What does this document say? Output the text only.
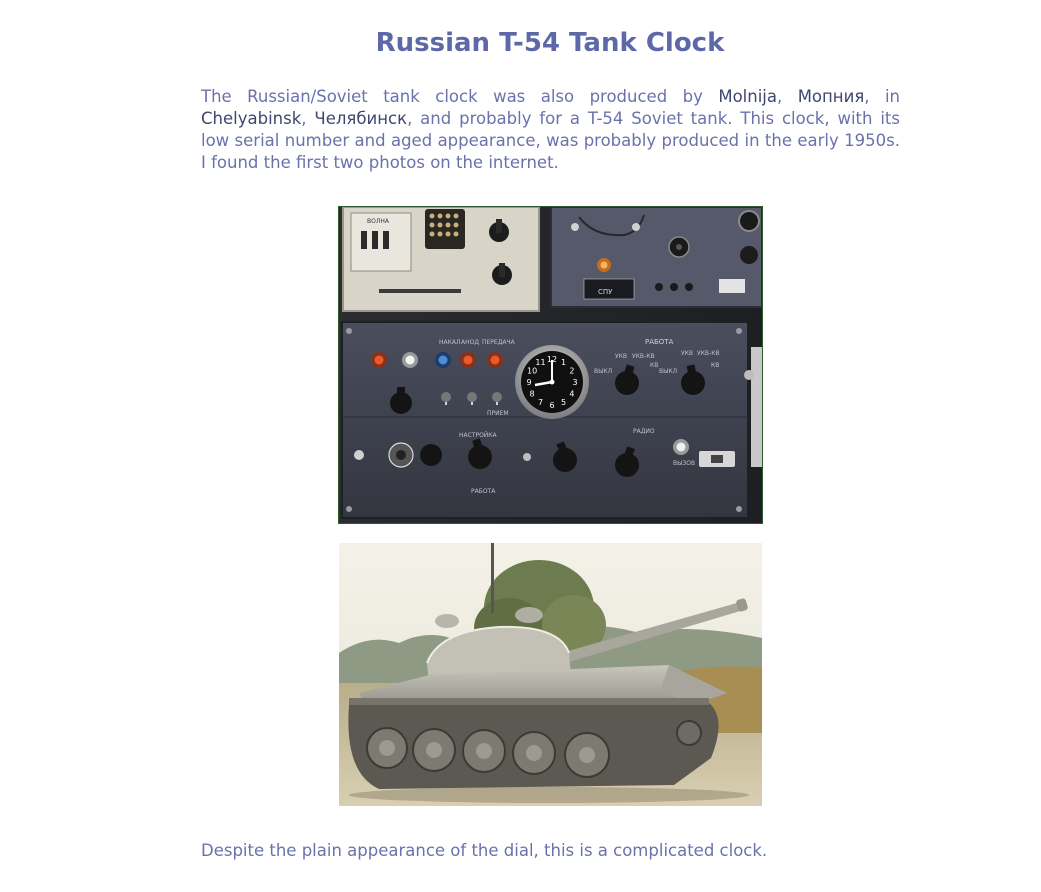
Russian T-54 Tank Clock

The Russian/Soviet tank clock was also produced by Molnija, Мопния, in Chelyabinsk, Челябинск, and probably for a T-54 Soviet tank. This clock, with its low serial number and aged appearance, was probably produced in the early 1950s. I found the first two photos on the internet.

ВОЛНА
СПУ
НАКАЛ АНОД ПЕРЕДАЧА	РАБОТА
ПРИЕМ
12 1
2
3
4
5
6
7
8
9
10
11
ВЫКЛ
УКВ УКВ-КВ
КВ
ВЫКЛ
УКВ УКВ-КВ
КВ
НАСТРОЙКА
РАБОТА
РАДИО
ВЫЗОВ

Despite the plain appearance of the dial, this is a complicated clock.
